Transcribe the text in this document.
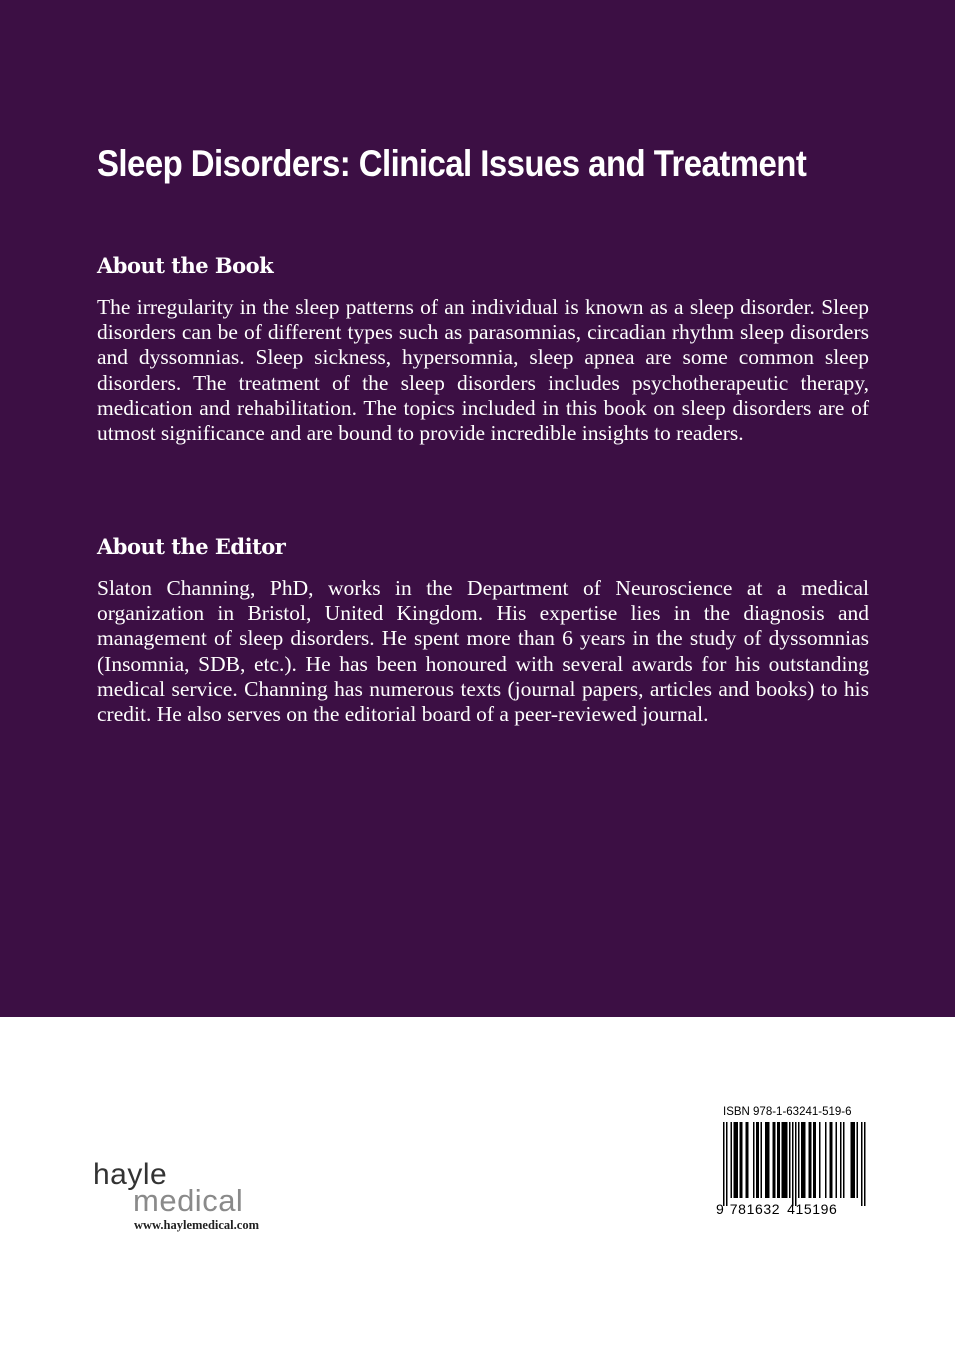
Sleep Disorders: Clinical Issues and Treatment
About the Book

The irregularity in the sleep patterns of an individual is known as a sleep disorder. Sleep disorders can be of different types such as parasomnias, circadian rhythm sleep disorders and dyssomnias. Sleep sickness, hypersomnia, sleep apnea are some common sleep disorders. The treatment of the sleep disorders includes psychotherapeutic therapy, medication and rehabilitation. The topics included in this book on sleep disorders are of utmost significance and are bound to provide incredible insights to readers.

About the Editor

Slaton Channing, PhD, works in the Department of Neuroscience at a medical organization in Bristol, United Kingdom. His expertise lies in the diagnosis and management of sleep disorders. He spent more than 6 years in the study of dyssomnias (Insomnia, SDB, etc.). He has been honoured with several awards for his outstanding medical service. Channing has numerous texts (journal papers, articles and books) to his credit. He also serves on the editorial board of a peer-reviewed journal.

hayle
medical
www.haylemedical.com
ISBN 978-1-63241-519-6
9 781632 415196
